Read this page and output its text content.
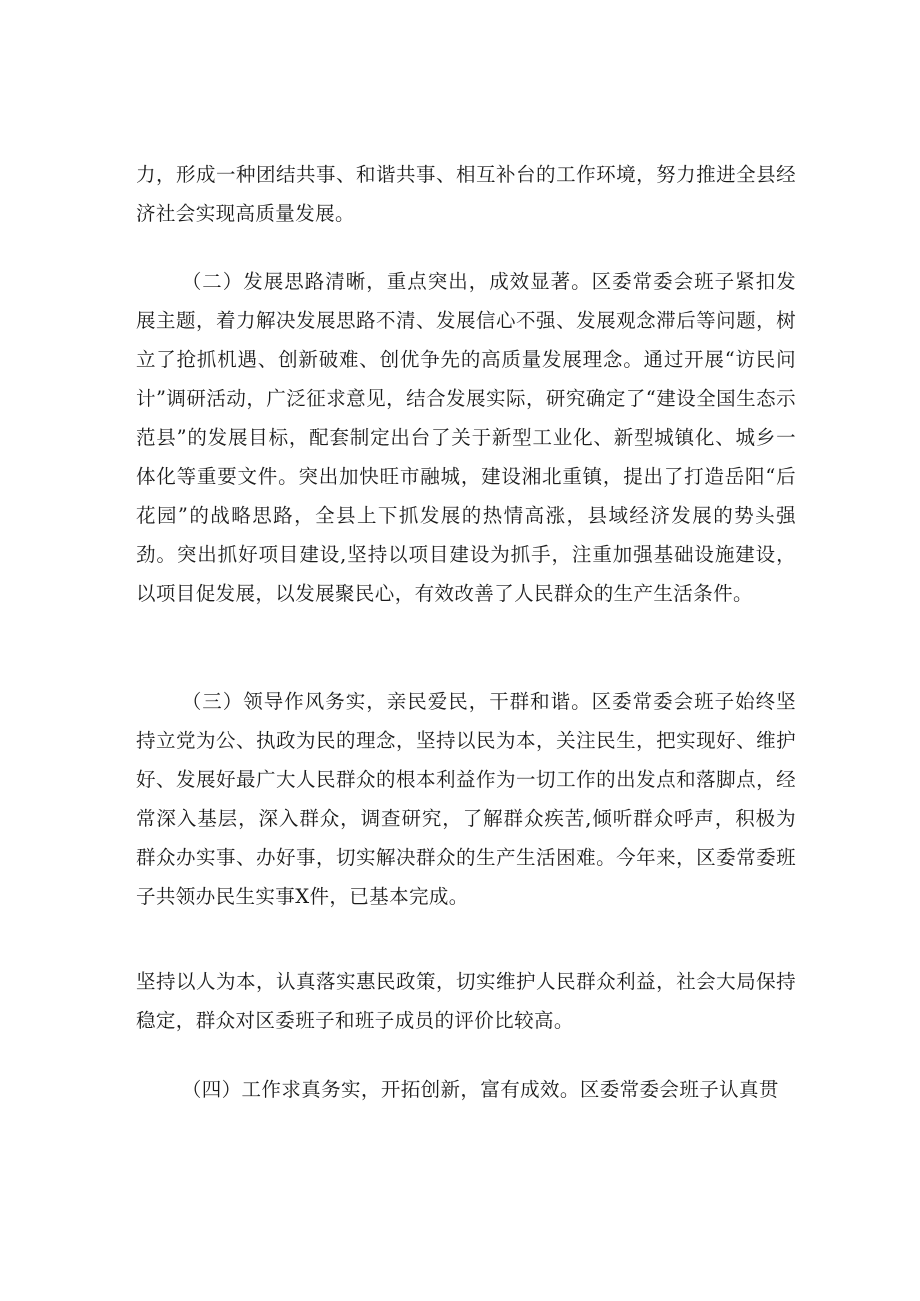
力，形成一种团结共事、和谐共事、相互补台的工作环境，努力推进全县经济社会实现高质量发展。

（二）发展思路清晰，重点突出，成效显著。区委常委会班子紧扣发展主题，着力解决发展思路不清、发展信心不强、发展观念滞后等问题，树立了抢抓机遇、创新破难、创优争先的高质量发展理念。通过开展“访民问计”调研活动，广泛征求意见，结合发展实际，研究确定了“建设全国生态示范县”的发展目标，配套制定出台了关于新型工业化、新型城镇化、城乡一体化等重要文件。突出加快旺市融城，建设湘北重镇，提出了打造岳阳“后花园”的战略思路，全县上下抓发展的热情高涨，县域经济发展的势头强劲。突出抓好项目建设,坚持以项目建设为抓手，注重加强基础设施建设，以项目促发展，以发展聚民心，有效改善了人民群众的生产生活条件。

（三）领导作风务实，亲民爱民，干群和谐。区委常委会班子始终坚持立党为公、执政为民的理念，坚持以民为本，关注民生，把实现好、维护好、发展好最广大人民群众的根本利益作为一切工作的出发点和落脚点，经常深入基层，深入群众，调查研究，了解群众疾苦,倾听群众呼声，积极为群众办实事、办好事，切实解决群众的生产生活困难。今年来，区委常委班子共领办民生实事X件，已基本完成。

坚持以人为本，认真落实惠民政策，切实维护人民群众利益，社会大局保持稳定，群众对区委班子和班子成员的评价比较高。

（四）工作求真务实，开拓创新，富有成效。区委常委会班子认真贯
